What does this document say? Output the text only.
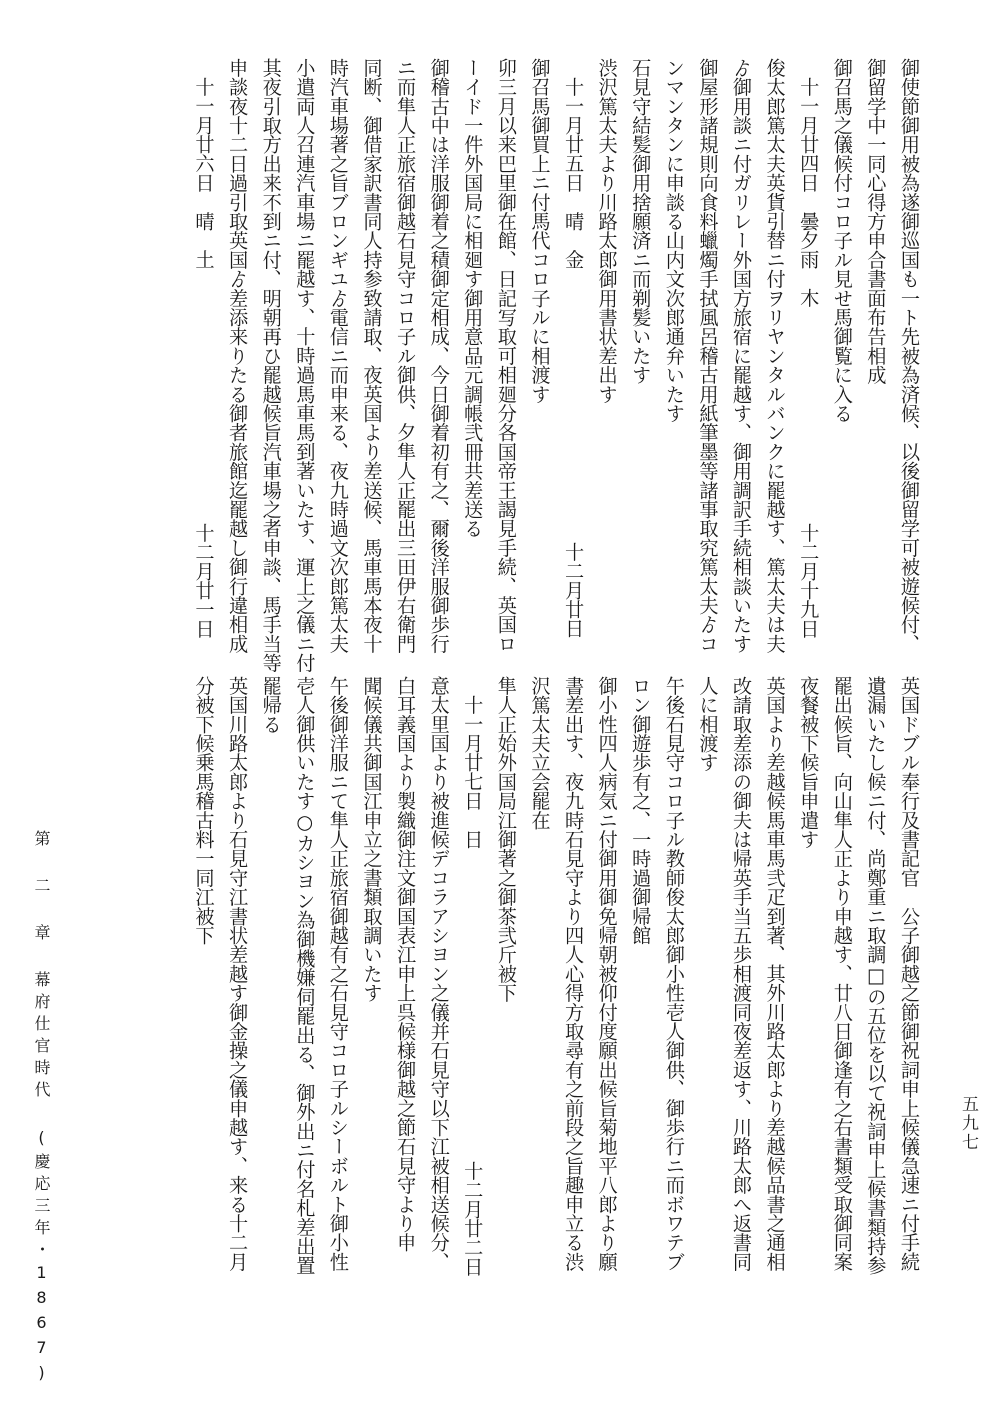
御使節御用被為遂御巡国も一ト先被為済候、以後御留学可被遊候付、
御留学中一同心得方申合書面布告相成
御召馬之儀候付コロ子ル見せ馬御覧に入る
十一月廿四日　曇夕雨　木
十二月十九日
俊太郎篤太夫英貨引替ニ付ヲリヤンタルバンクに罷越す、篤太夫は夫
ゟ御用談ニ付ガリレー外国方旅宿に罷越す、御用調訳手続相談いたす
御屋形諸規則向食料蠟燭手拭風呂稽古用紙筆墨等諸事取究篤太夫ゟコ
ンマンタンに申談る山内文次郎通弁いたす
石見守結髪御用捨願済ニ而剃髪いたす
渋沢篤太夫より川路太郎御用書状差出す
十一月廿五日　晴　金
十二月廿日
御召馬御買上ニ付馬代コロ子ルに相渡す
卯三月以来巴里御在館、日記写取可相廻分各国帝王謁見手続、英国ロ
ーイド一件外国局に相廻す御用意品元調帳弐冊共差送る
御稽古中は洋服御着之積御定相成、今日御着初有之、爾後洋服御歩行
ニ而隼人正旅宿御越石見守コロ子ル御供、夕隼人正罷出三田伊右衛門
同断、御借家訳書同人持参致請取、夜英国より差送候、馬車馬本夜十
時汽車場著之旨ブロンギユゟ電信ニ而申来る、夜九時過文次郎篤太夫
小遣両人召連汽車場ニ罷越す、十時過馬車馬到著いたす、運上之儀ニ付
其夜引取方出来不到ニ付、明朝再ひ罷越候旨汽車場之者申談、馬手当等
申談夜十二日過引取英国ゟ差添来りたる御者旅館迄罷越し御行違相成
十一月廿六日　晴　土
十二月廿一日
英国ドブル奉行及書記官　公子御越之節御祝詞申上候儀急速ニ付手続
遺漏いたし候ニ付、尚鄭重ニ取調□の五位を以て祝詞申上候書類持参
罷出候旨、向山隼人正より申越す、廿八日御逢有之右書類受取御同案
夜餐被下候旨申遣す
英国より差越候馬車馬弐疋到著、其外川路太郎より差越候品書之通相
改請取差添の御夫は帰英手当五歩相渡同夜差返す、川路太郎へ返書同
人に相渡す
午後石見守コロ子ル教師俊太郎御小性壱人御供、御歩行ニ而ボワテブ
ロン御遊歩有之、一時過御帰館
御小性四人病気ニ付御用御免帰朝被仰付度願出候旨菊地平八郎より願
書差出す、夜九時石見守より四人心得方取尋有之前段之旨趣申立る渋
沢篤太夫立会罷在
隼人正始外国局江御著之御茶弐斤被下
十一月廿七日　日
十二月廿二日
意太里国より被進候デコラアシヨン之儀并石見守以下江被相送候分、
白耳義国より製織御注文御国表江申上呉候様御越之節石見守より申
聞候儀共御国江申立之書類取調いたす
午後御洋服ニて隼人正旅宿御越有之石見守コロ子ルシーボルト御小性
壱人御供いたす○カシヨン為御機嫌伺罷出る、御外出ニ付名札差出置
罷帰る
英国川路太郎より石見守江書状差越す御金操之儀申越す、来る十二月
分被下候乗馬稽古料一同江被下
第 二 章 幕府仕官時代 (慶応三年・1867)	五九七
